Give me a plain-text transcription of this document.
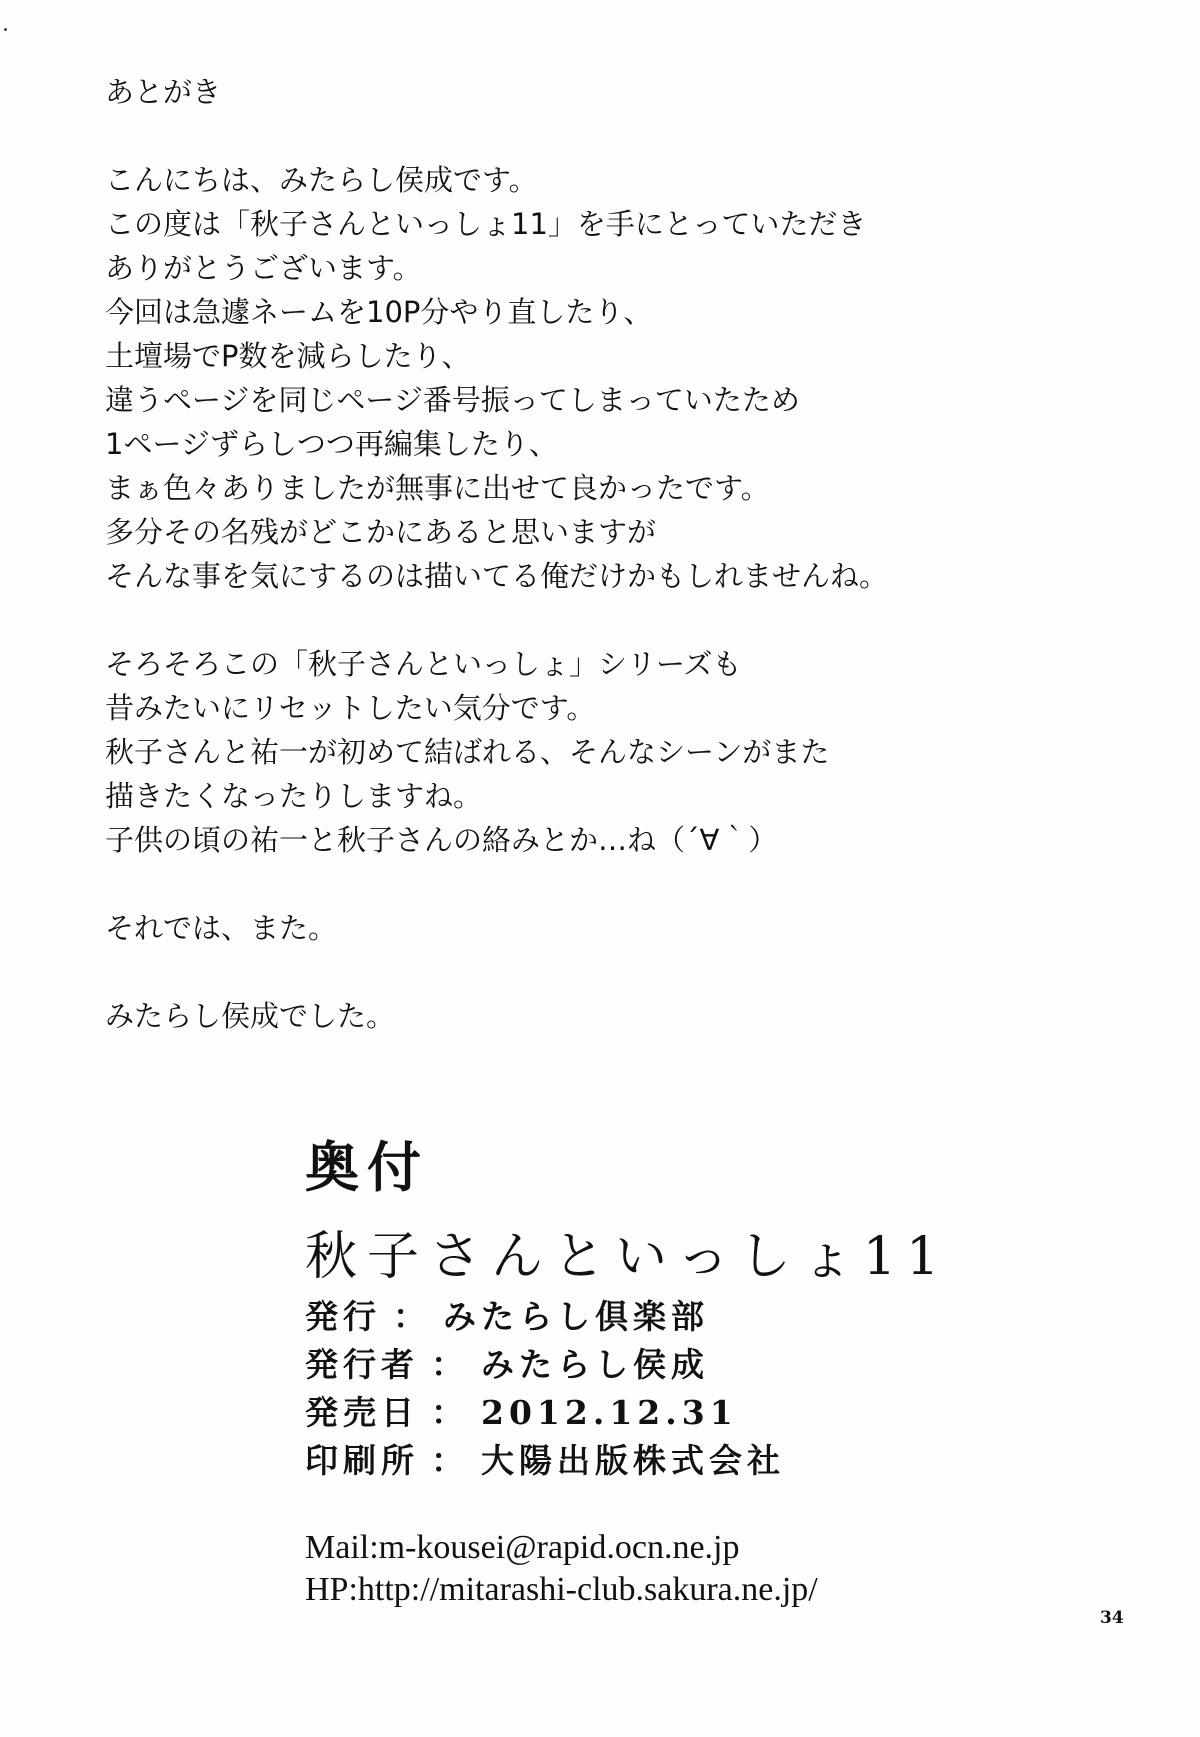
あとがき
こんにちは、みたらし侯成です。
この度は「秋子さんといっしょ11」を手にとっていただき
ありがとうございます。
今回は急遽ネームを10P分やり直したり、
土壇場でP数を減らしたり、
違うページを同じページ番号振ってしまっていたため
1ページずらしつつ再編集したり、
まぁ色々ありましたが無事に出せて良かったです。
多分その名残がどこかにあると思いますが
そんな事を気にするのは描いてる俺だけかもしれませんね。
そろそろこの「秋子さんといっしょ」シリーズも
昔みたいにリセットしたい気分です。
秋子さんと祐一が初めて結ばれる、そんなシーンがまた
描きたくなったりしますね。
子供の頃の祐一と秋子さんの絡みとか…ね（´∀｀）
それでは、また。
みたらし侯成でした。
奥付
秋子さんといっしょ11
発行 ： みたらし倶楽部
発行者 ： みたらし侯成
発売日 ： 2012.12.31
印刷所 ： 大陽出版株式会社
Mail:m-kousei@rapid.ocn.ne.jp
HP:http://mitarashi-club.sakura.ne.jp/
34
